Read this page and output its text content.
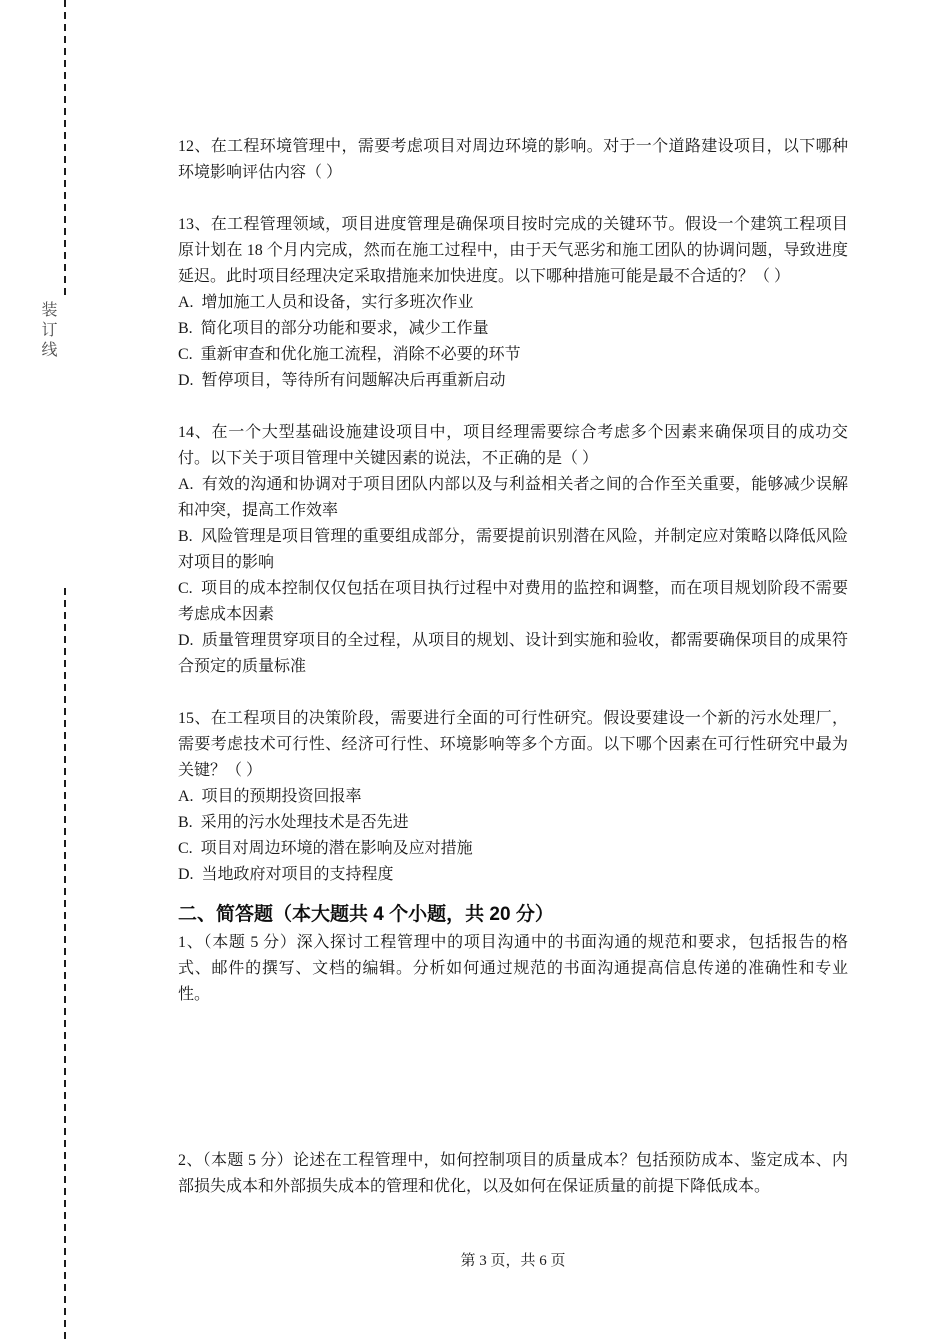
装订线

12、在工程环境管理中，需要考虑项目对周边环境的影响。对于一个道路建设项目，以下哪种环境影响评估内容（ ）

13、在工程管理领域，项目进度管理是确保项目按时完成的关键环节。假设一个建筑工程项目原计划在 18 个月内完成，然而在施工过程中，由于天气恶劣和施工团队的协调问题，导致进度延迟。此时项目经理决定采取措施来加快进度。以下哪种措施可能是最不合适的？（ ）

A.  增加施工人员和设备，实行多班次作业

B.  简化项目的部分功能和要求，减少工作量

C.  重新审查和优化施工流程，消除不必要的环节

D.  暂停项目，等待所有问题解决后再重新启动

14、在一个大型基础设施建设项目中，项目经理需要综合考虑多个因素来确保项目的成功交付。以下关于项目管理中关键因素的说法，不正确的是（ ）

A.  有效的沟通和协调对于项目团队内部以及与利益相关者之间的合作至关重要，能够减少误解和冲突，提高工作效率

B.  风险管理是项目管理的重要组成部分，需要提前识别潜在风险，并制定应对策略以降低风险对项目的影响

C.  项目的成本控制仅仅包括在项目执行过程中对费用的监控和调整，而在项目规划阶段不需要考虑成本因素

D.  质量管理贯穿项目的全过程，从项目的规划、设计到实施和验收，都需要确保项目的成果符合预定的质量标准

15、在工程项目的决策阶段，需要进行全面的可行性研究。假设要建设一个新的污水处理厂，需要考虑技术可行性、经济可行性、环境影响等多个方面。以下哪个因素在可行性研究中最为关键？（ ）

A.  项目的预期投资回报率

B.  采用的污水处理技术是否先进

C.  项目对周边环境的潜在影响及应对措施

D.  当地政府对项目的支持程度

二、简答题（本大题共 4 个小题，共 20 分）

1、（本题 5 分）深入探讨工程管理中的项目沟通中的书面沟通的规范和要求，包括报告的格式、邮件的撰写、文档的编辑。分析如何通过规范的书面沟通提高信息传递的准确性和专业性。

2、（本题 5 分）论述在工程管理中，如何控制项目的质量成本？包括预防成本、鉴定成本、内部损失成本和外部损失成本的管理和优化，以及如何在保证质量的前提下降低成本。

第 3 页，共 6 页
